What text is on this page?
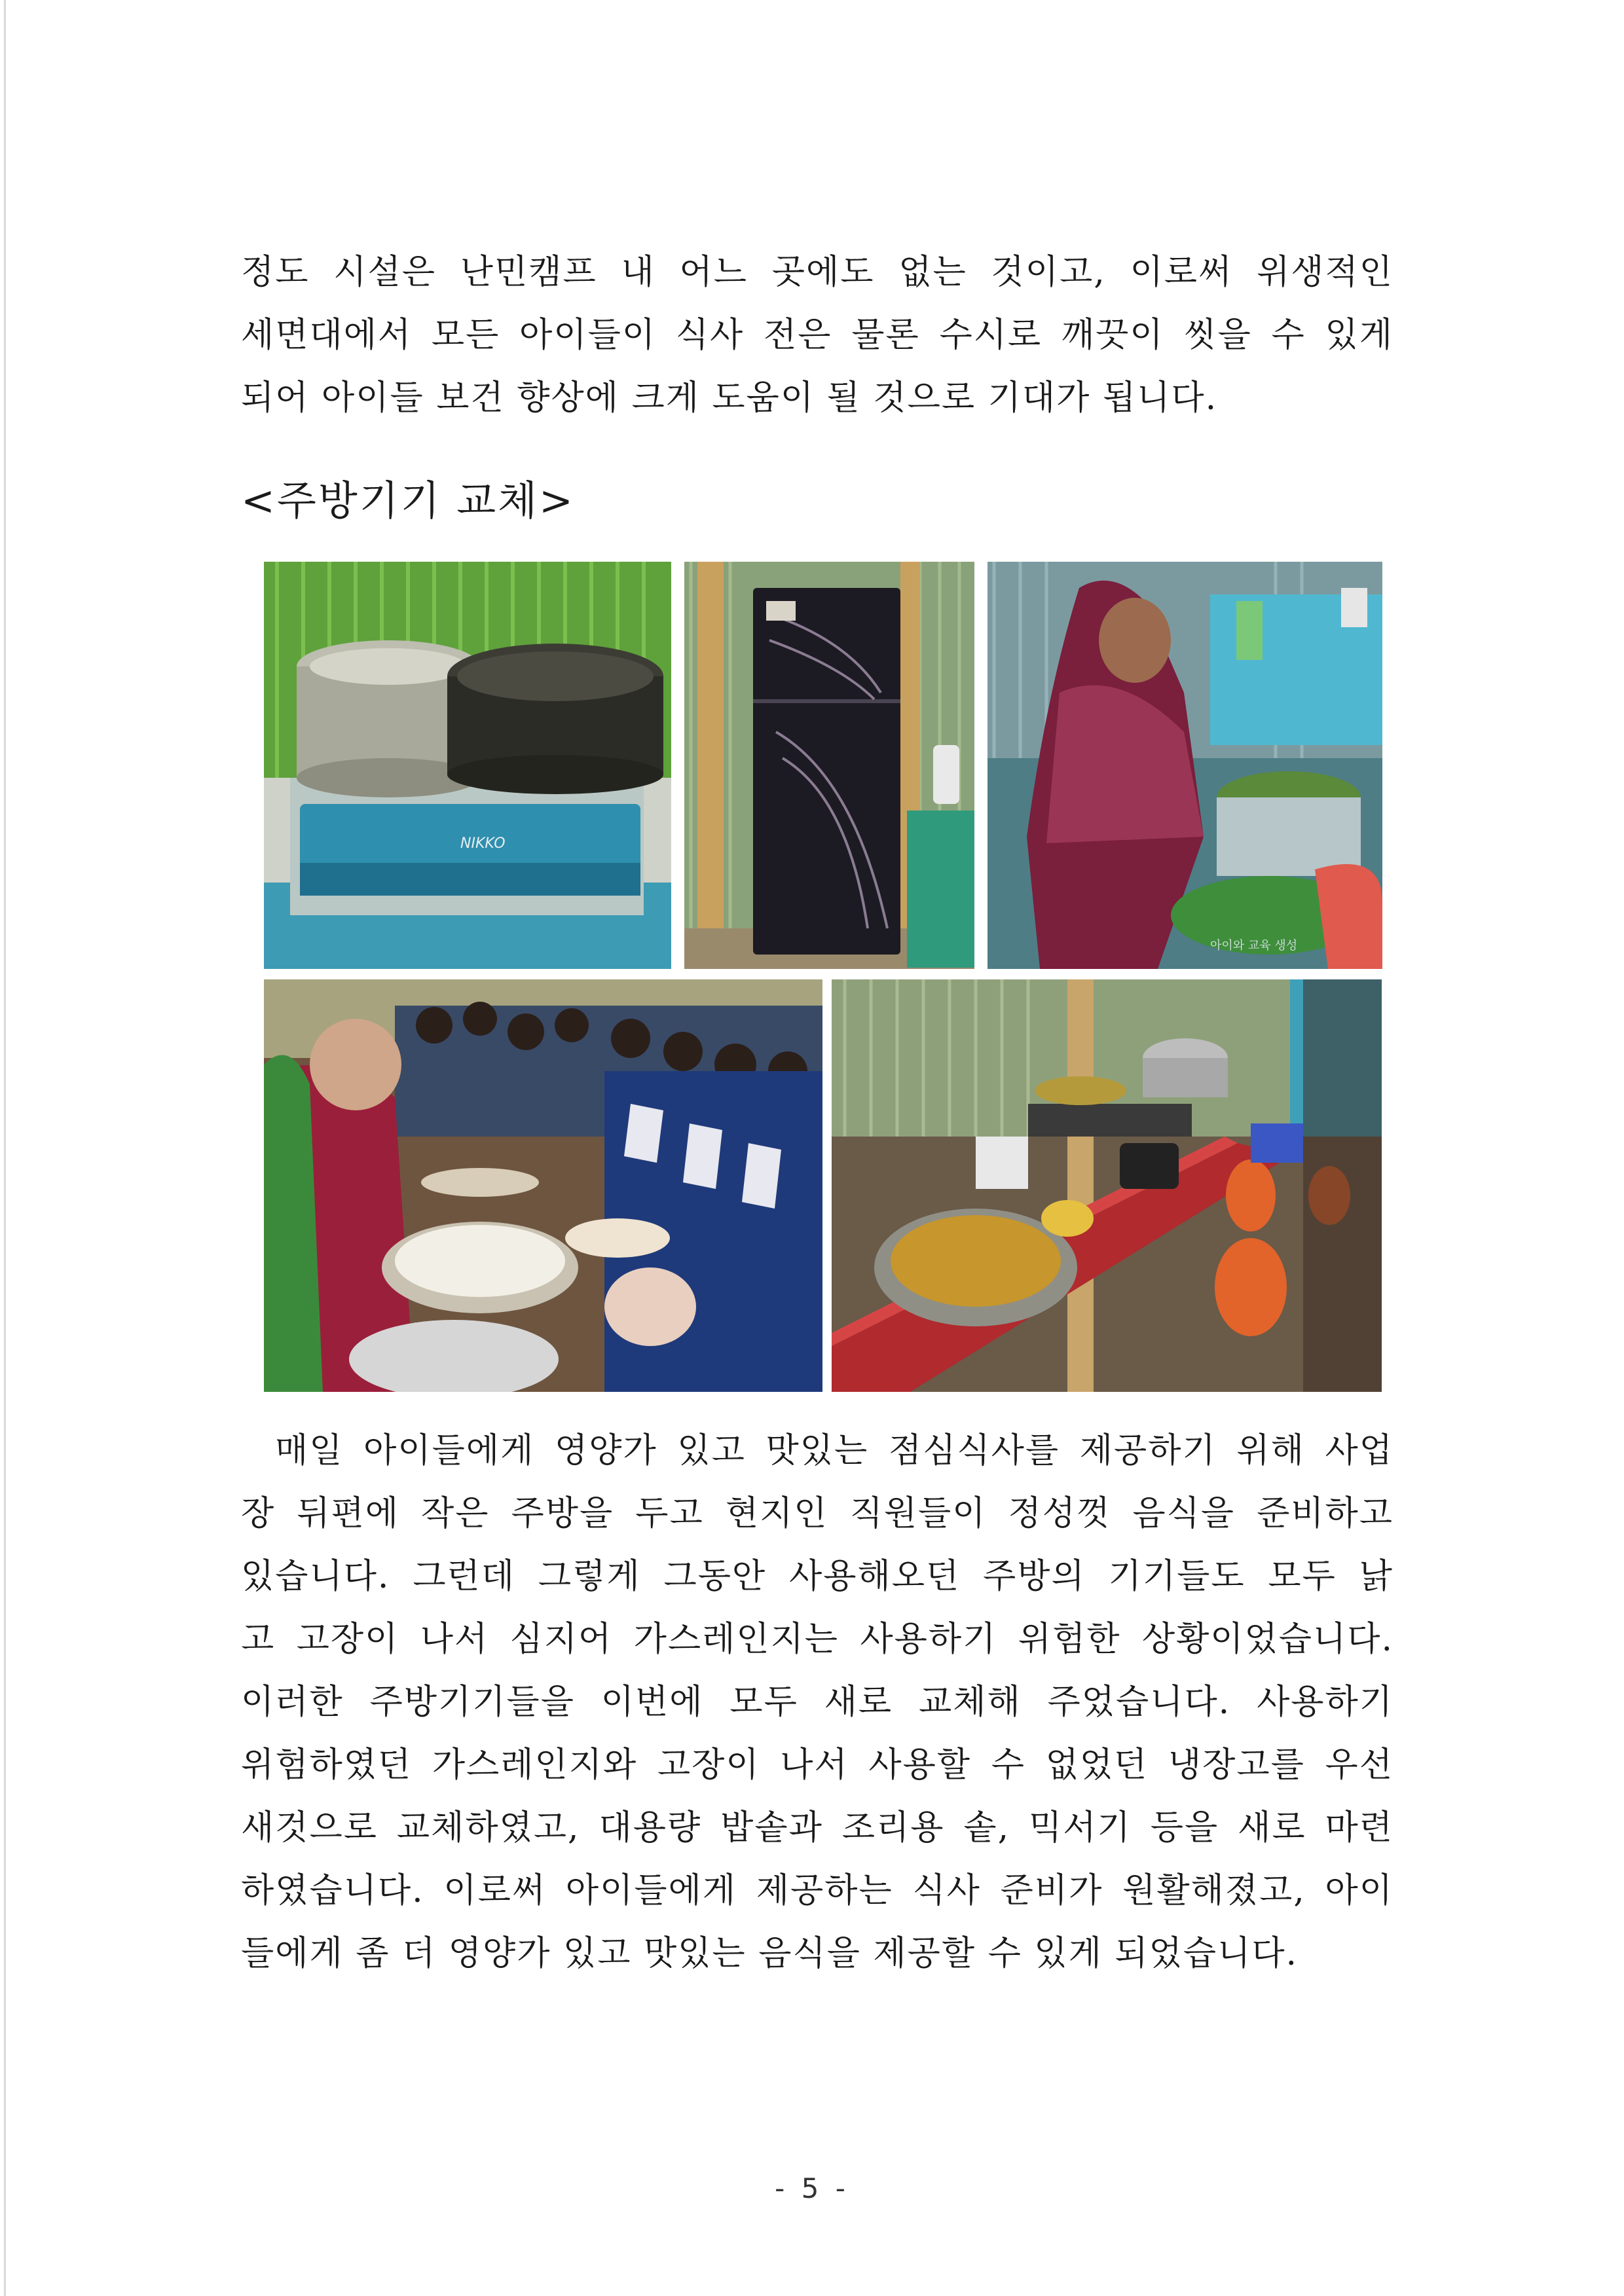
정도 시설은 난민캠프 내 어느 곳에도 없는 것이고, 이로써 위생적인
세면대에서 모든 아이들이 식사 전은 물론 수시로 깨끗이 씻을 수 있게
되어 아이들 보건 향상에 크게 도움이 될 것으로 기대가 됩니다.
<주방기기 교체>
NIKKO
아이와 교육 생성
매일 아이들에게 영양가 있고 맛있는 점심식사를 제공하기 위해 사업
장 뒤편에 작은 주방을 두고 현지인 직원들이 정성껏 음식을 준비하고
있습니다. 그런데 그렇게 그동안 사용해오던 주방의 기기들도 모두 낡
고 고장이 나서 심지어 가스레인지는 사용하기 위험한 상황이었습니다.
이러한 주방기기들을 이번에 모두 새로 교체해 주었습니다. 사용하기
위험하였던 가스레인지와 고장이 나서 사용할 수 없었던 냉장고를 우선
새것으로 교체하였고, 대용량 밥솥과 조리용 솥, 믹서기 등을 새로 마련
하였습니다. 이로써 아이들에게 제공하는 식사 준비가 원활해졌고, 아이
들에게 좀 더 영양가 있고 맛있는 음식을 제공할 수 있게 되었습니다.
- 5 -
